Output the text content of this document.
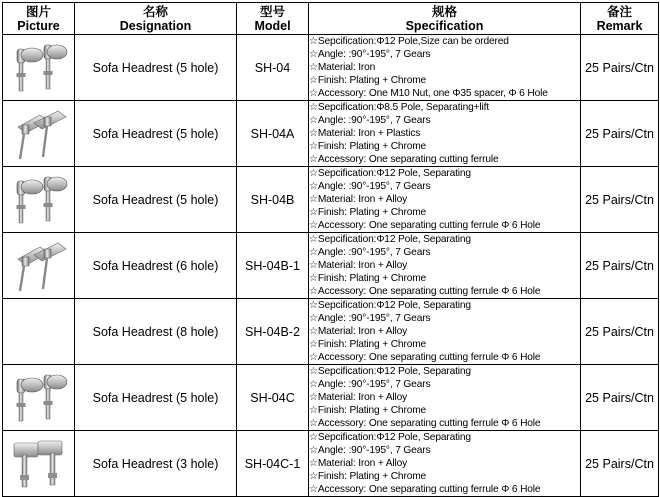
图片
Picture	名称
Designation	型号
Model	规格
Specification	备注
Remark

	Sofa Headrest (5 hole)	SH-04	☆Sepcification:Φ12 Pole,Size can be ordered
☆Angle: :90°-195°, 7 Gears
☆Material: Iron
☆Finish: Plating + Chrome
☆Accessory: One M10 Nut, one Φ35 spacer, Φ 6 Hole	25 Pairs/Ctn

	Sofa Headrest (5 hole)	SH-04A	☆Sepcification:Φ8.5 Pole, Separating+lift
☆Angle: :90°-195°, 7 Gears
☆Material: Iron + Plastics
☆Finish: Plating + Chrome
☆Accessory: One separating cutting ferrule	25 Pairs/Ctn

	Sofa Headrest (5 hole)	SH-04B	☆Sepcification:Φ12 Pole, Separating
☆Angle: :90°-195°, 7 Gears
☆Material: Iron + Alloy
☆Finish: Plating + Chrome
☆Accessory: One separating cutting ferrule Φ 6 Hole	25 Pairs/Ctn

	Sofa Headrest (6 hole)	SH-04B-1	☆Sepcification:Φ12 Pole, Separating
☆Angle: :90°-195°, 7 Gears
☆Material: Iron + Alloy
☆Finish: Plating + Chrome
☆Accessory: One separating cutting ferrule Φ 6 Hole	25 Pairs/Ctn
	Sofa Headrest (8 hole)	SH-04B-2	☆Sepcification:Φ12 Pole, Separating
☆Angle: :90°-195°, 7 Gears
☆Material: Iron + Alloy
☆Finish: Plating + Chrome
☆Accessory: One separating cutting ferrule Φ 6 Hole	25 Pairs/Ctn

	Sofa Headrest (5 hole)	SH-04C	☆Sepcification:Φ12 Pole, Separating
☆Angle: :90°-195°, 7 Gears
☆Material: Iron + Alloy
☆Finish: Plating + Chrome
☆Accessory: One separating cutting ferrule Φ 6 Hole	25 Pairs/Ctn

	Sofa Headrest (3 hole)	SH-04C-1	☆Sepcification:Φ12 Pole, Separating
☆Angle: :90°-195°, 7 Gears
☆Material: Iron + Alloy
☆Finish: Plating + Chrome
☆Accessory: One separating cutting ferrule Φ 6 Hole	25 Pairs/Ctn
